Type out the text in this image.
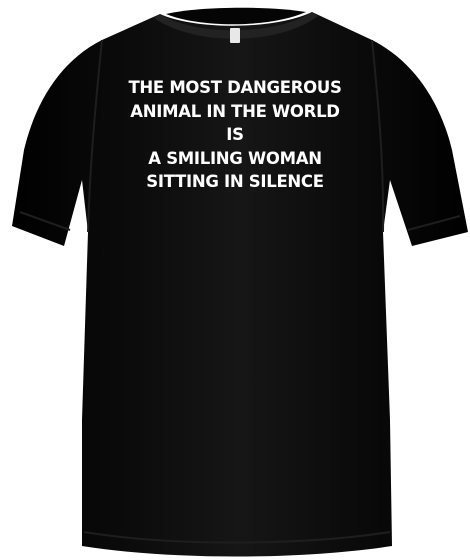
THE MOST DANGEROUS
ANIMAL IN THE WORLD
IS
A SMILING WOMAN
SITTING IN SILENCE
